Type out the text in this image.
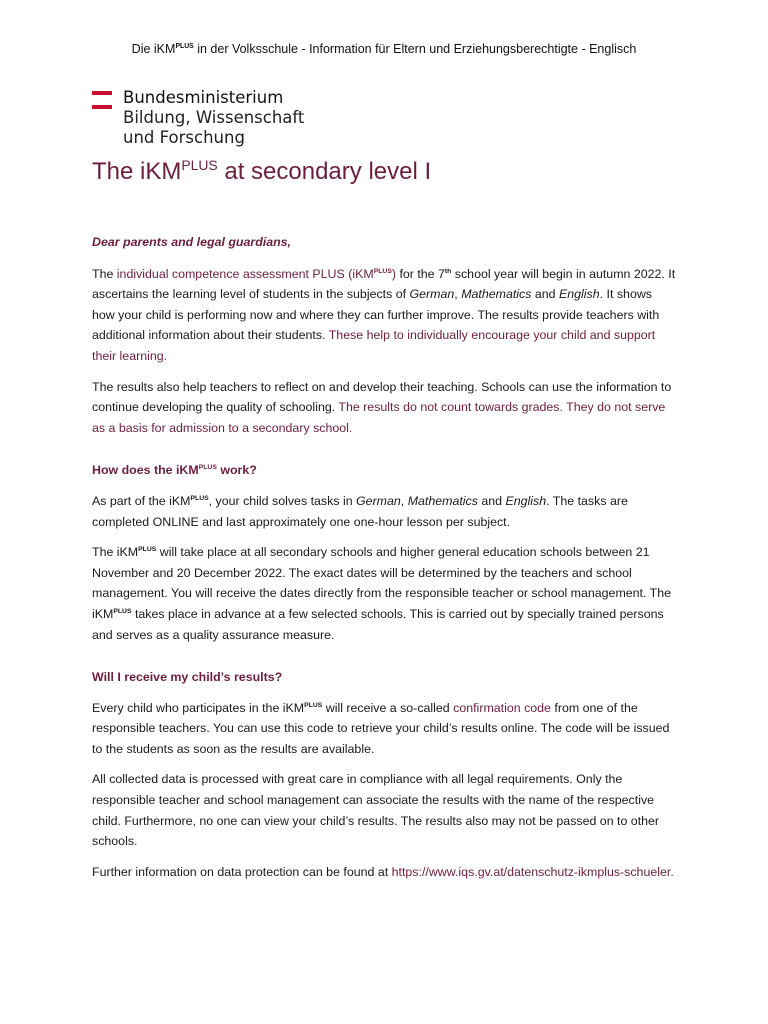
Die iKM$^{PLUS}$ in der Volksschule - Information für Eltern und Erziehungsberechtigte - Englisch
Bundesministerium
Bildung, Wissenschaft
und Forschung
The iKM$^{PLUS}$ at secondary level I

Dear parents and legal guardians,

The individual competence assessment PLUS (iKM$^{PLUS}$) for the 7th school year will begin in autumn 2022. It ascertains the learning level of students in the subjects of German, Mathematics and English. It shows how your child is performing now and where they can further improve. The results provide teachers with additional information about their students. These help to individually encourage your child and support their learning.

The results also help teachers to reflect on and develop their teaching. Schools can use the information to continue developing the quality of schooling. The results do not count towards grades. They do not serve as a basis for admission to a secondary school.

How does the iKM$^{PLUS}$ work?

As part of the iKM$^{PLUS}$, your child solves tasks in German, Mathematics and English. The tasks are completed ONLINE and last approximately one one-hour lesson per subject.

The iKM$^{PLUS}$ will take place at all secondary schools and higher general education schools between 21 November and 20 December 2022. The exact dates will be determined by the teachers and school management. You will receive the dates directly from the responsible teacher or school management. The iKM$^{PLUS}$ takes place in advance at a few selected schools. This is carried out by specially trained persons and serves as a quality assurance measure.

Will I receive my child’s results?

Every child who participates in the iKM$^{PLUS}$ will receive a so-called confirmation code from one of the responsible teachers. You can use this code to retrieve your child’s results online. The code will be issued to the students as soon as the results are available.

All collected data is processed with great care in compliance with all legal requirements. Only the responsible teacher and school management can associate the results with the name of the respective child. Furthermore, no one can view your child’s results. The results also may not be passed on to other schools.

Further information on data protection can be found at https://www.iqs.gv.at/datenschutz-ikmplus-schueler.
